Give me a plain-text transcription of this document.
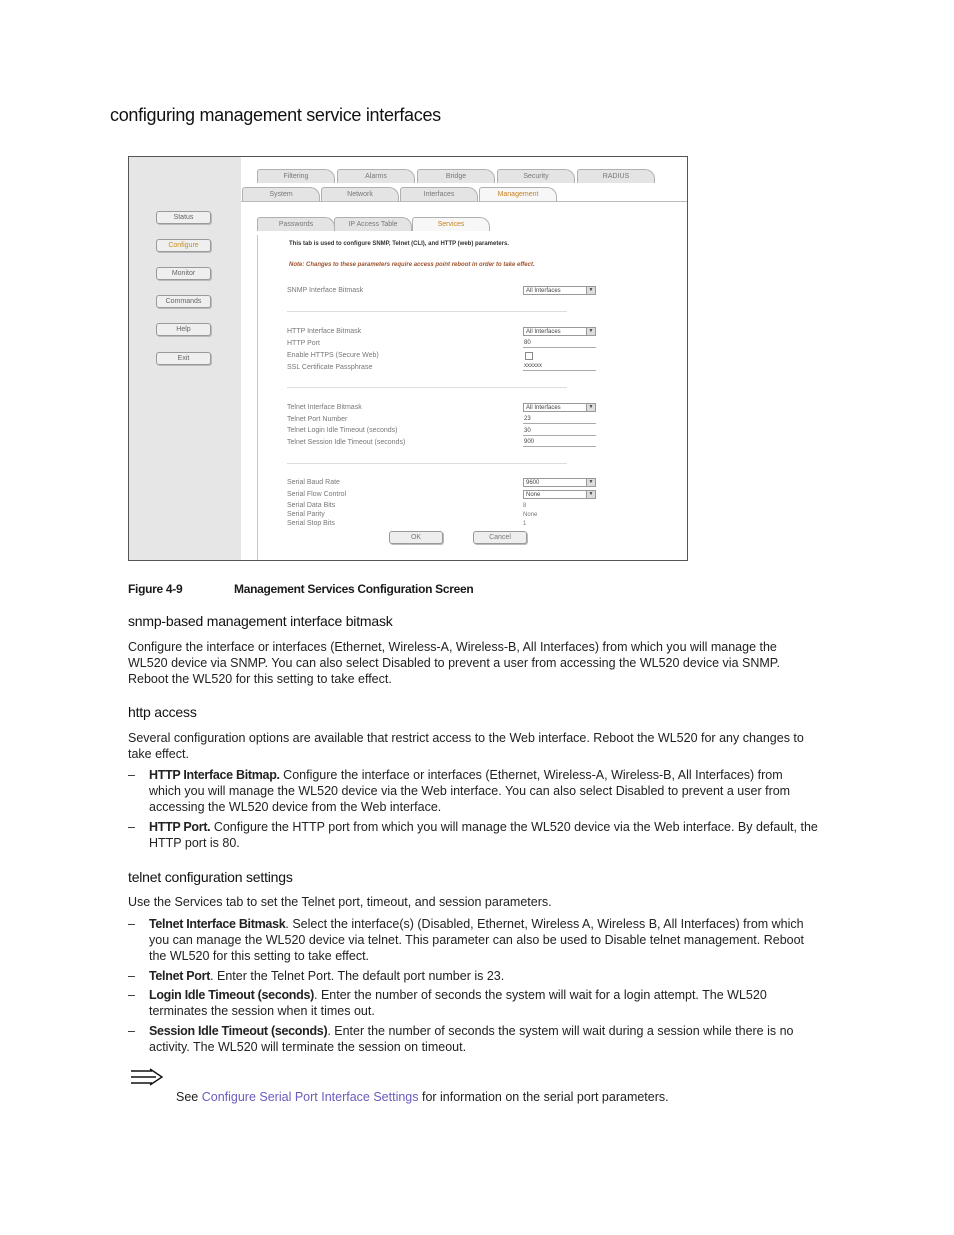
configuring management service interfaces
Status
Configure
Monitor
Commands
Help
Exit
Filtering	Alarms	Bridge	Security	RADIUS
System	Network	Interfaces	Management
Passwords	IP Access Table	Services
This tab is used to configure SNMP, Telnet (CLI), and HTTP (web) parameters.
Note: Changes to these parameters require access point reboot in order to take effect.
SNMP Interface Bitmask	All Interfaces	▼
HTTP Interface Bitmask	All Interfaces	▼
HTTP Port	80
Enable HTTPS (Secure Web)
SSL Certificate Passphrase	xxxxxx
Telnet Interface Bitmask	All Interfaces	▼
Telnet Port Number	23
Telnet Login Idle Timeout (seconds)	30
Telnet Session Idle Timeout (seconds)	900
Serial Baud Rate	9600	▼
Serial Flow Control	None	▼
Serial Data Bits	8
Serial Parity	None
Serial Stop Bits	1
OK	Cancel
Figure 4-9	Management Services Configuration Screen
snmp-based management interface bitmask
Configure the interface or interfaces (Ethernet, Wireless-A, Wireless-B, All Interfaces) from which you will manage the WL520 device via SNMP. You can also select Disabled to prevent a user from accessing the WL520 device via SNMP. Reboot the WL520 for this setting to take effect.
http access
Several configuration options are available that restrict access to the Web interface. Reboot the WL520 for any changes to take effect.
– HTTP Interface Bitmap. Configure the interface or interfaces (Ethernet, Wireless-A, Wireless-B, All Interfaces) from which you will manage the WL520 device via the Web interface. You can also select Disabled to prevent a user from accessing the WL520 device from the Web interface.
– HTTP Port. Configure the HTTP port from which you will manage the WL520 device via the Web interface. By default, the HTTP port is 80.
telnet configuration settings
Use the Services tab to set the Telnet port, timeout, and session parameters.
– Telnet Interface Bitmask. Select the interface(s) (Disabled, Ethernet, Wireless A, Wireless B, All Interfaces) from which you can manage the WL520 device via telnet. This parameter can also be used to Disable telnet management. Reboot the WL520 for this setting to take effect.
– Telnet Port. Enter the Telnet Port. The default port number is 23.
– Login Idle Timeout (seconds). Enter the number of seconds the system will wait for a login attempt. The WL520 terminates the session when it times out.
– Session Idle Timeout (seconds). Enter the number of seconds the system will wait during a session while there is no activity. The WL520 will terminate the session on timeout.
See Configure Serial Port Interface Settings for information on the serial port parameters.
